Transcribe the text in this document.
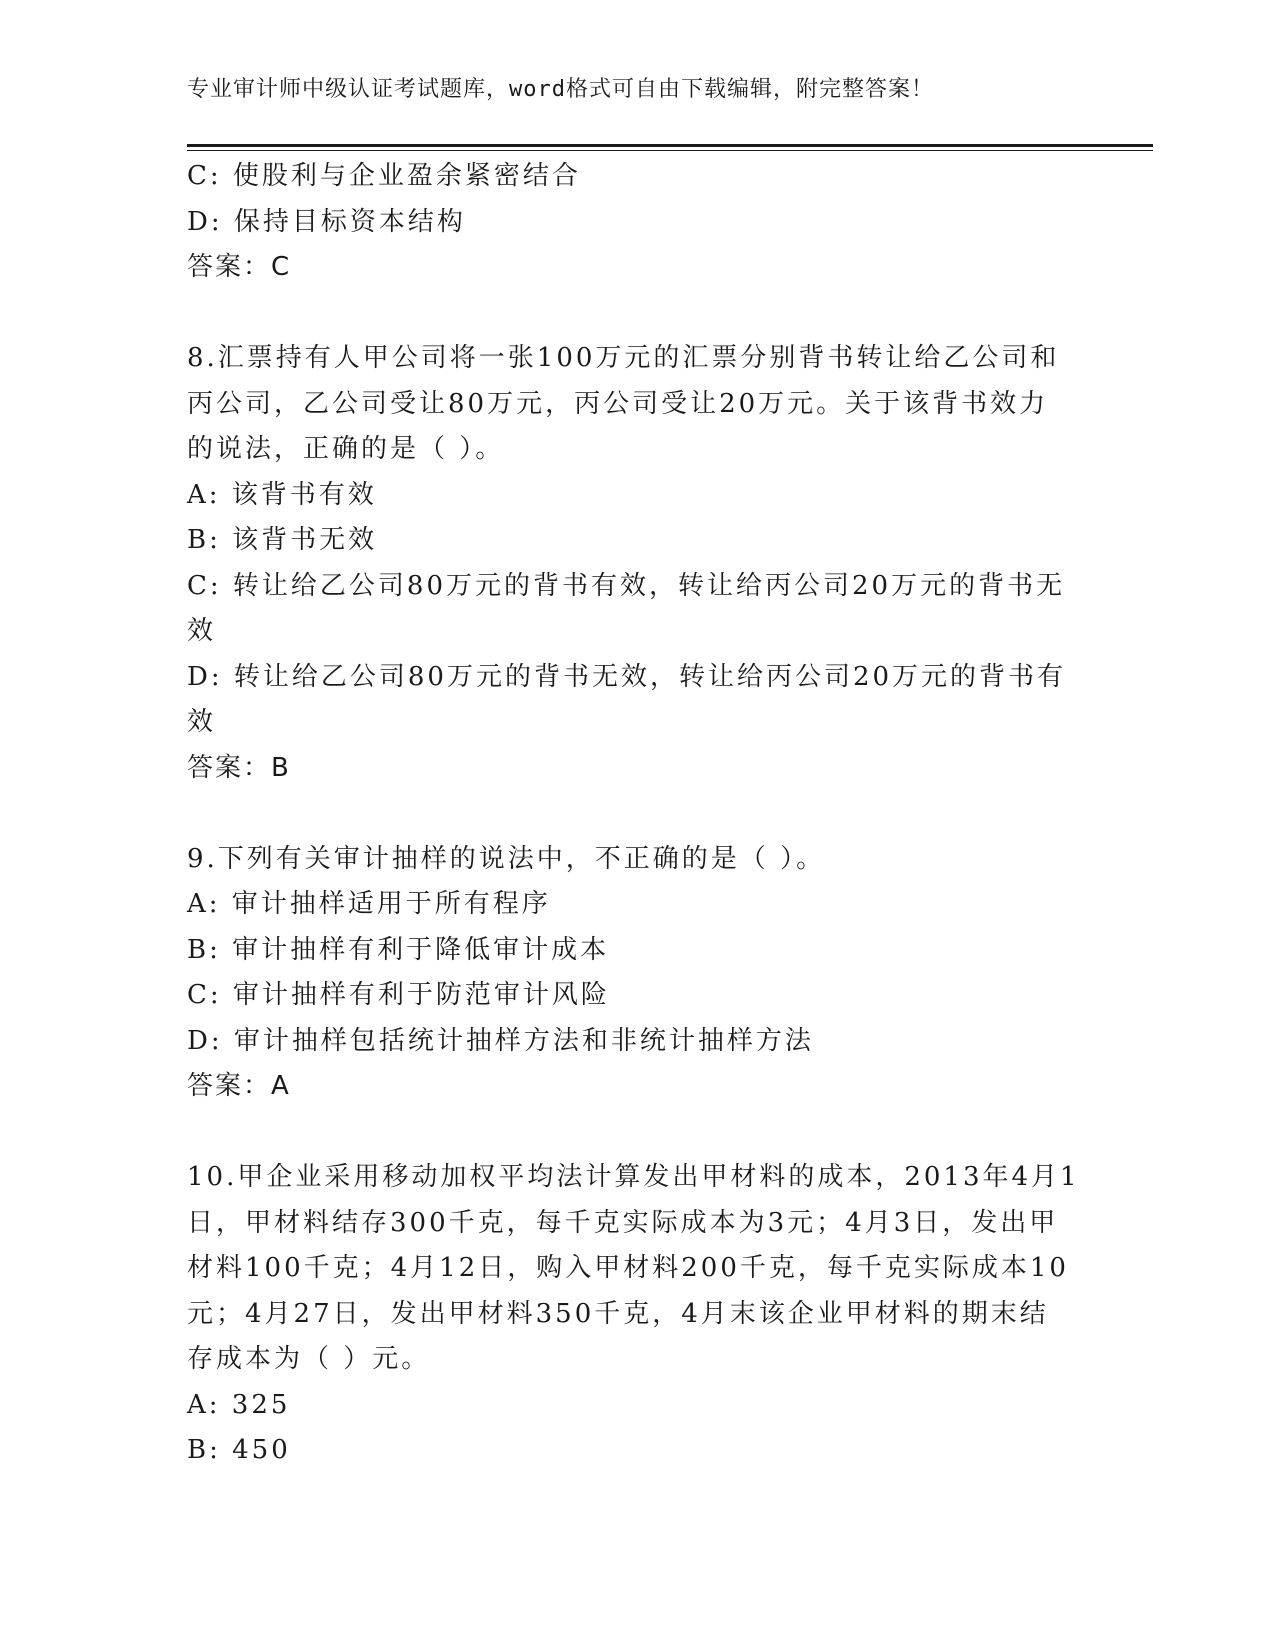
专业审计师中级认证考试题库，word格式可自由下载编辑，附完整答案！
C: 使股利与企业盈余紧密结合
D: 保持目标资本结构
答案：C
8.汇票持有人甲公司将一张100万元的汇票分别背书转让给乙公司和
丙公司，乙公司受让80万元，丙公司受让20万元。关于该背书效力
的说法，正确的是（ ）。
A: 该背书有效
B: 该背书无效
C: 转让给乙公司80万元的背书有效，转让给丙公司20万元的背书无
效
D: 转让给乙公司80万元的背书无效，转让给丙公司20万元的背书有
效
答案：B
9.下列有关审计抽样的说法中，不正确的是（ ）。
A: 审计抽样适用于所有程序
B: 审计抽样有利于降低审计成本
C: 审计抽样有利于防范审计风险
D: 审计抽样包括统计抽样方法和非统计抽样方法
答案：A
10.甲企业采用移动加权平均法计算发出甲材料的成本，2013年4月1
日，甲材料结存300千克，每千克实际成本为3元；4月3日，发出甲
材料100千克；4月12日，购入甲材料200千克，每千克实际成本10
元；4月27日，发出甲材料350千克，4月末该企业甲材料的期末结
存成本为（ ）元。
A: 325
B: 450
